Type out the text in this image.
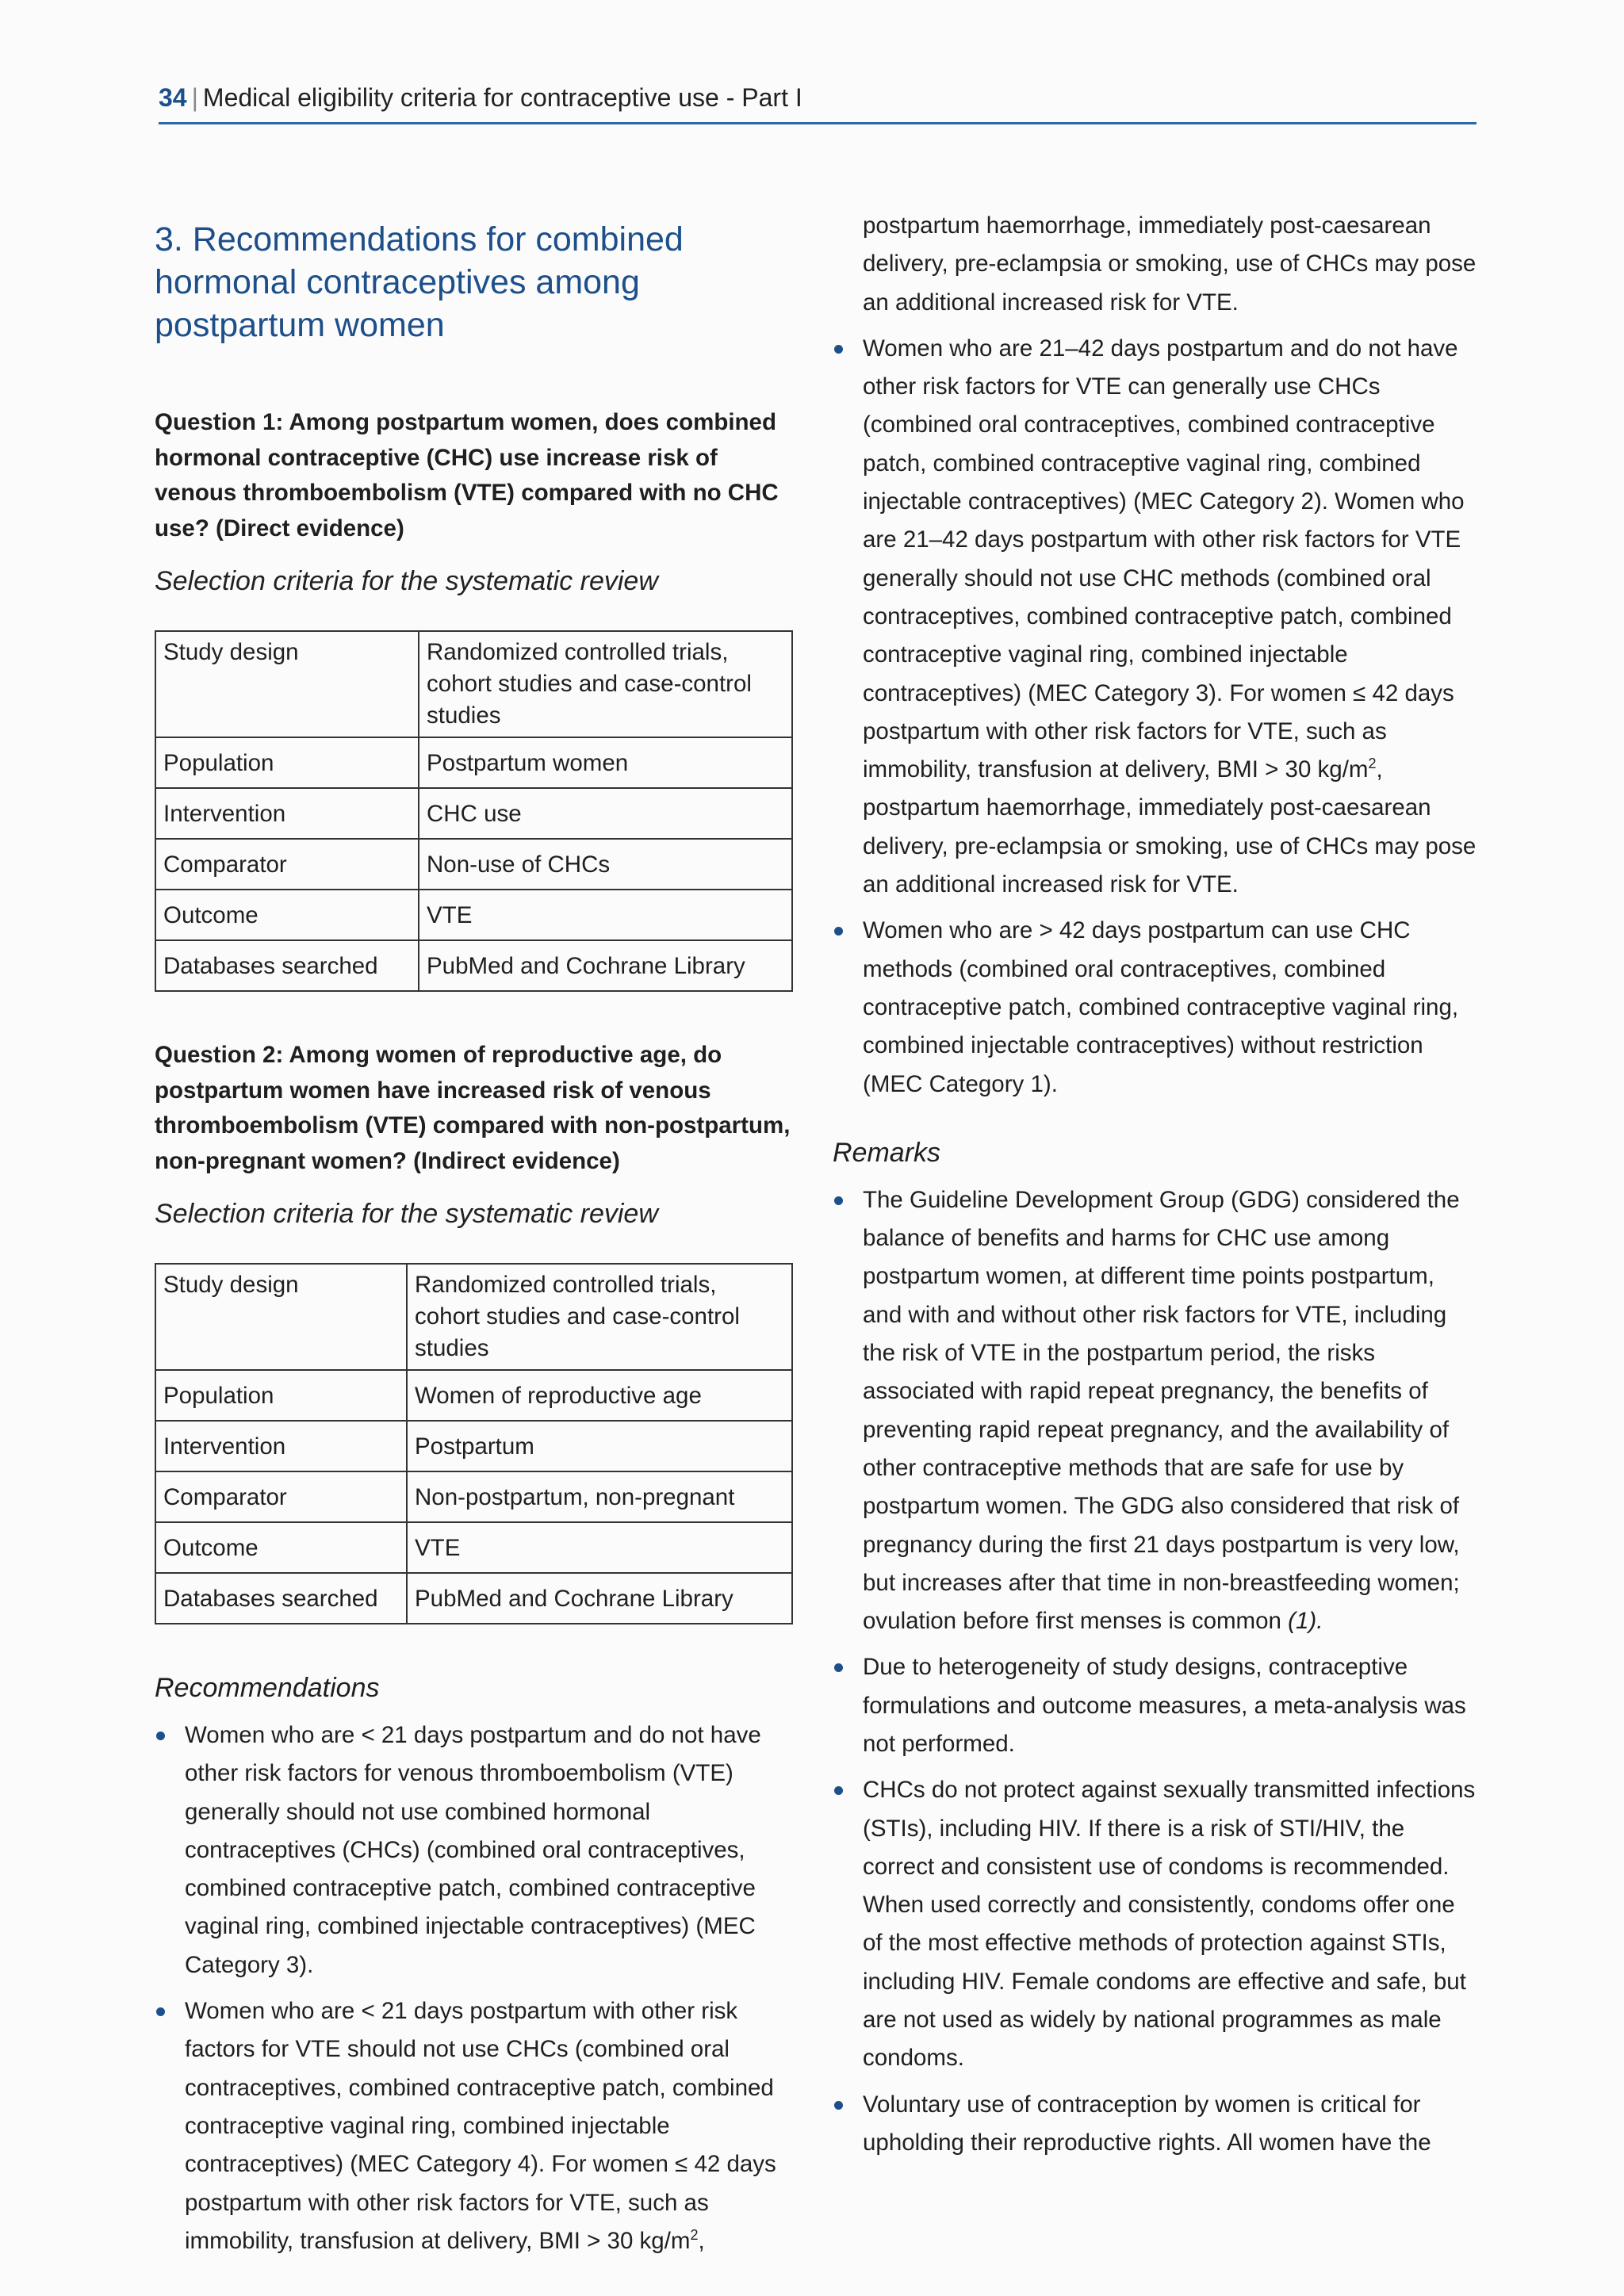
34 | Medical eligibility criteria for contraceptive use - Part I
3. Recommendations for combined hormonal contraceptives among postpartum women

Question 1: Among postpartum women, does combined hormonal contraceptive (CHC) use increase risk of venous thromboembolism (VTE) compared with no CHC use? (Direct evidence)

Selection criteria for the systematic review

Study design	Randomized controlled trials, cohort studies and case-control studies
Population	Postpartum women
Intervention	CHC use
Comparator	Non-use of CHCs
Outcome	VTE
Databases searched	PubMed and Cochrane Library

Question 2: Among women of reproductive age, do postpartum women have increased risk of venous thromboembolism (VTE) compared with non-postpartum, non-pregnant women? (Indirect evidence)

Selection criteria for the systematic review

Study design	Randomized controlled trials, cohort studies and case-control studies
Population	Women of reproductive age
Intervention	Postpartum
Comparator	Non-postpartum, non-pregnant
Outcome	VTE
Databases searched	PubMed and Cochrane Library

Recommendations

Women who are < 21 days postpartum and do not have other risk factors for venous thromboembolism (VTE) generally should not use combined hormonal contraceptives (CHCs) (combined oral contraceptives, combined contraceptive patch, combined contraceptive vaginal ring, combined injectable contraceptives) (MEC Category 3).
Women who are < 21 days postpartum with other risk factors for VTE should not use CHCs (combined oral contraceptives, combined contraceptive patch, combined contraceptive vaginal ring, combined injectable contraceptives) (MEC Category 4). For women ≤ 42 days postpartum with other risk factors for VTE, such as immobility, transfusion at delivery, BMI > 30 $kg/m^2$,

postpartum haemorrhage, immediately post-caesarean delivery, pre-eclampsia or smoking, use of CHCs may pose an additional increased risk for VTE.

Women who are 21–42 days postpartum and do not have other risk factors for VTE can generally use CHCs (combined oral contraceptives, combined contraceptive patch, combined contraceptive vaginal ring, combined injectable contraceptives) (MEC Category 2). Women who are 21–42 days postpartum with other risk factors for VTE generally should not use CHC methods (combined oral contraceptives, combined contraceptive patch, combined contraceptive vaginal ring, combined injectable contraceptives) (MEC Category 3). For women ≤ 42 days postpartum with other risk factors for VTE, such as immobility, transfusion at delivery, BMI > 30 $kg/m^2$, postpartum haemorrhage, immediately post-caesarean delivery, pre-eclampsia or smoking, use of CHCs may pose an additional increased risk for VTE.
Women who are > 42 days postpartum can use CHC methods (combined oral contraceptives, combined contraceptive patch, combined contraceptive vaginal ring, combined injectable contraceptives) without restriction (MEC Category 1).

Remarks

The Guideline Development Group (GDG) considered the balance of benefits and harms for CHC use among postpartum women, at different time points postpartum, and with and without other risk factors for VTE, including the risk of VTE in the postpartum period, the risks associated with rapid repeat pregnancy, the benefits of preventing rapid repeat pregnancy, and the availability of other contraceptive methods that are safe for use by postpartum women. The GDG also considered that risk of pregnancy during the first 21 days postpartum is very low, but increases after that time in non-breastfeeding women; ovulation before first menses is common (1).
Due to heterogeneity of study designs, contraceptive formulations and outcome measures, a meta-analysis was not performed.
CHCs do not protect against sexually transmitted infections (STIs), including HIV. If there is a risk of STI/HIV, the correct and consistent use of condoms is recommended. When used correctly and consistently, condoms offer one of the most effective methods of protection against STIs, including HIV. Female condoms are effective and safe, but are not used as widely by national programmes as male condoms.
Voluntary use of contraception by women is critical for upholding their reproductive rights. All women have the
